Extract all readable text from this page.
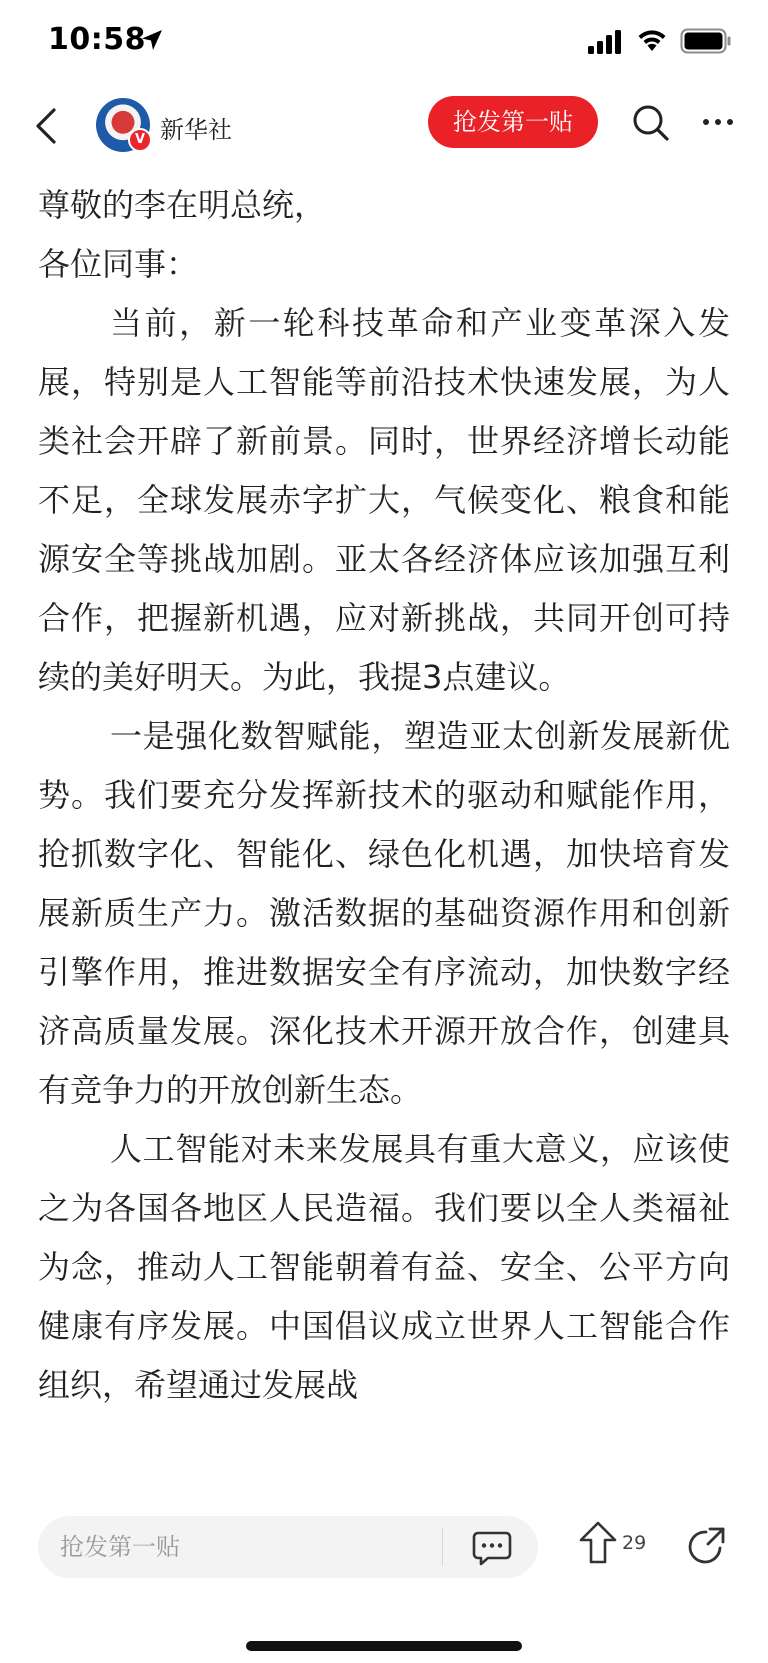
10:58
V 新华社	抢发第一贴

尊敬的李在明总统，

各位同事：

当前，新一轮科技革命和产业变革深入发展，特别是人工智能等前沿技术快速发展，为人类社会开辟了新前景。同时，世界经济增长动能不足，全球发展赤字扩大，气候变化、粮食和能源安全等挑战加剧。亚太各经济体应该加强互利合作，把握新机遇，应对新挑战，共同开创可持续的美好明天。为此，我提3点建议。

一是强化数智赋能，塑造亚太创新发展新优势。我们要充分发挥新技术的驱动和赋能作用，抢抓数字化、智能化、绿色化机遇，加快培育发展新质生产力。激活数据的基础资源作用和创新引擎作用，推进数据安全有序流动，加快数字经济高质量发展。深化技术开源开放合作，创建具有竞争力的开放创新生态。

人工智能对未来发展具有重大意义，应该使之为各国各地区人民造福。我们要以全人类福祉为念，推动人工智能朝着有益、安全、公平方向健康有序发展。中国倡议成立世界人工智能合作组织，希望通过发展战

抢发第一贴	29
